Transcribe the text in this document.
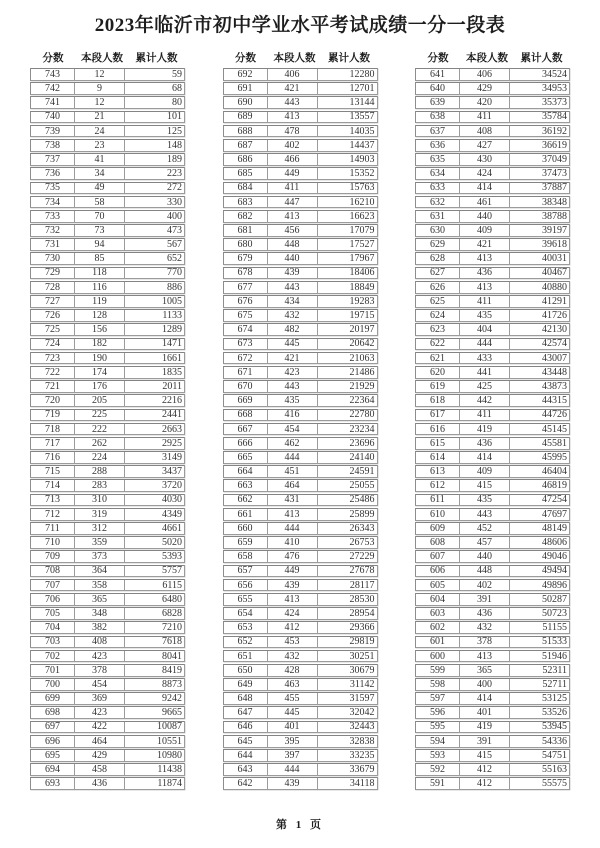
2023年临沂市初中学业水平考试成绩一分一段表
分数	本段人数	累计人数
743	12	59
742	9	68
741	12	80
740	21	101
739	24	125
738	23	148
737	41	189
736	34	223
735	49	272
734	58	330
733	70	400
732	73	473
731	94	567
730	85	652
729	118	770
728	116	886
727	119	1005
726	128	1133
725	156	1289
724	182	1471
723	190	1661
722	174	1835
721	176	2011
720	205	2216
719	225	2441
718	222	2663
717	262	2925
716	224	3149
715	288	3437
714	283	3720
713	310	4030
712	319	4349
711	312	4661
710	359	5020
709	373	5393
708	364	5757
707	358	6115
706	365	6480
705	348	6828
704	382	7210
703	408	7618
702	423	8041
701	378	8419
700	454	8873
699	369	9242
698	423	9665
697	422	10087
696	464	10551
695	429	10980
694	458	11438
693	436	11874
分数	本段人数	累计人数
692	406	12280
691	421	12701
690	443	13144
689	413	13557
688	478	14035
687	402	14437
686	466	14903
685	449	15352
684	411	15763
683	447	16210
682	413	16623
681	456	17079
680	448	17527
679	440	17967
678	439	18406
677	443	18849
676	434	19283
675	432	19715
674	482	20197
673	445	20642
672	421	21063
671	423	21486
670	443	21929
669	435	22364
668	416	22780
667	454	23234
666	462	23696
665	444	24140
664	451	24591
663	464	25055
662	431	25486
661	413	25899
660	444	26343
659	410	26753
658	476	27229
657	449	27678
656	439	28117
655	413	28530
654	424	28954
653	412	29366
652	453	29819
651	432	30251
650	428	30679
649	463	31142
648	455	31597
647	445	32042
646	401	32443
645	395	32838
644	397	33235
643	444	33679
642	439	34118
分数	本段人数	累计人数
641	406	34524
640	429	34953
639	420	35373
638	411	35784
637	408	36192
636	427	36619
635	430	37049
634	424	37473
633	414	37887
632	461	38348
631	440	38788
630	409	39197
629	421	39618
628	413	40031
627	436	40467
626	413	40880
625	411	41291
624	435	41726
623	404	42130
622	444	42574
621	433	43007
620	441	43448
619	425	43873
618	442	44315
617	411	44726
616	419	45145
615	436	45581
614	414	45995
613	409	46404
612	415	46819
611	435	47254
610	443	47697
609	452	48149
608	457	48606
607	440	49046
606	448	49494
605	402	49896
604	391	50287
603	436	50723
602	432	51155
601	378	51533
600	413	51946
599	365	52311
598	400	52711
597	414	53125
596	401	53526
595	419	53945
594	391	54336
593	415	54751
592	412	55163
591	412	55575
第 1 页
